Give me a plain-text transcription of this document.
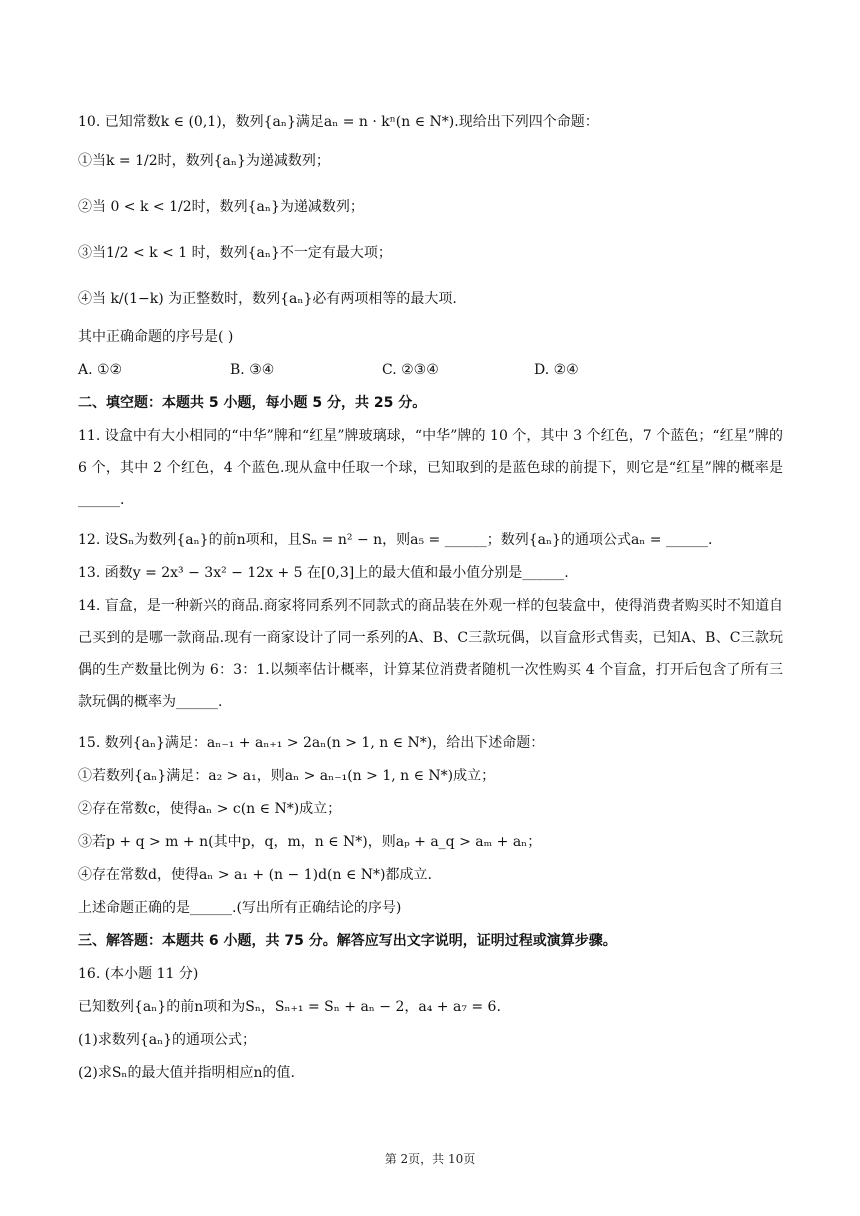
10. 已知常数k ∈ (0,1)，数列{aₙ}满足aₙ = n · kⁿ(n ∈ N*).现给出下列四个命题：
①当k = 1/2时，数列{aₙ}为递减数列；
②当 0 < k < 1/2时，数列{aₙ}为递减数列；
③当1/2 < k < 1 时，数列{aₙ}不一定有最大项；
④当 k/(1−k) 为正整数时，数列{aₙ}必有两项相等的最大项.
其中正确命题的序号是( )
A. ①②	B. ③④	C. ②③④	D. ②④
二、填空题：本题共 5 小题，每小题 5 分，共 25 分。
11. 设盒中有大小相同的“中华”牌和“红星”牌玻璃球，“中华”牌的 10 个，其中 3 个红色，7 个蓝色；“红星”牌的 6 个，其中 2 个红色，4 个蓝色.现从盒中任取一个球，已知取到的是蓝色球的前提下，则它是“红星”牌的概率是______.
12. 设Sₙ为数列{aₙ}的前n项和，且Sₙ = n² − n，则a₅ = ______；数列{aₙ}的通项公式aₙ = ______.
13. 函数y = 2x³ − 3x² − 12x + 5 在[0,3]上的最大值和最小值分别是______.
14. 盲盒，是一种新兴的商品.商家将同系列不同款式的商品装在外观一样的包装盒中，使得消费者购买时不知道自己买到的是哪一款商品.现有一商家设计了同一系列的A、B、C三款玩偶，以盲盒形式售卖，已知A、B、C三款玩偶的生产数量比例为 6：3：1.以频率估计概率，计算某位消费者随机一次性购买 4 个盲盒，打开后包含了所有三款玩偶的概率为______.
15. 数列{aₙ}满足：aₙ₋₁ + aₙ₊₁ > 2aₙ(n > 1, n ∈ N*)，给出下述命题：
①若数列{aₙ}满足：a₂ > a₁，则aₙ > aₙ₋₁(n > 1, n ∈ N*)成立；
②存在常数c，使得aₙ > c(n ∈ N*)成立；
③若p + q > m + n(其中p，q，m，n ∈ N*)，则aₚ + a_q > aₘ + aₙ；
④存在常数d，使得aₙ > a₁ + (n − 1)d(n ∈ N*)都成立.
上述命题正确的是______.(写出所有正确结论的序号)
三、解答题：本题共 6 小题，共 75 分。解答应写出文字说明，证明过程或演算步骤。
16. (本小题 11 分)
已知数列{aₙ}的前n项和为Sₙ，Sₙ₊₁ = Sₙ + aₙ − 2，a₄ + a₇ = 6.
(1)求数列{aₙ}的通项公式；
(2)求Sₙ的最大值并指明相应n的值.
第 2页，共 10页
